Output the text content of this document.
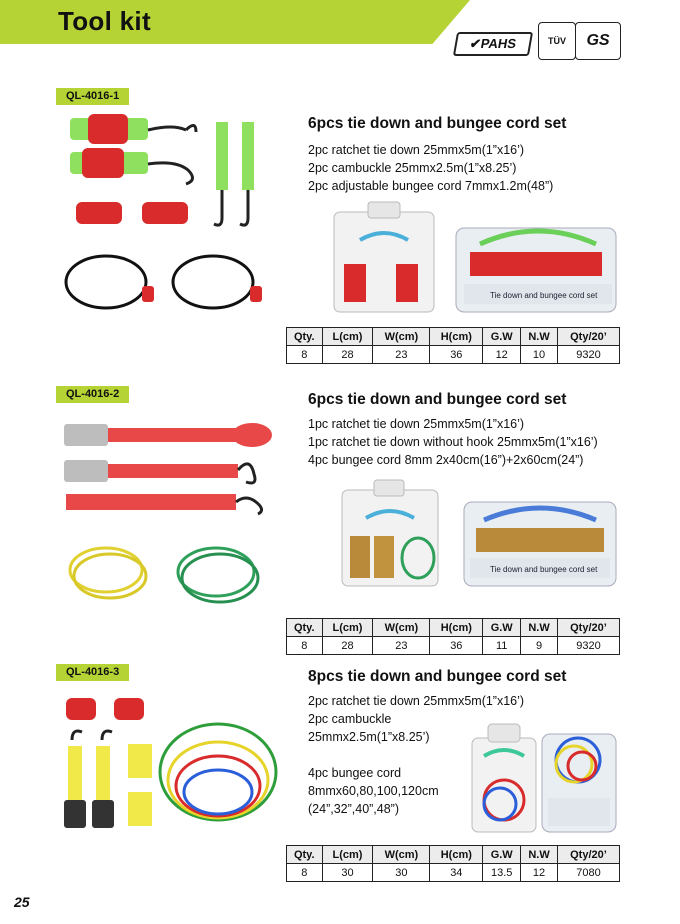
Tool kit
✔PAHS	TÜV	GS
QL-4016-1
6pcs tie down and bungee cord set
2pc ratchet tie down 25mmx5m(1”x16’)
2pc cambuckle 25mmx2.5m(1”x8.25’)
2pc adjustable bungee cord 7mmx1.2m(48”)
Tie down and bungee cord set
Qty.	L(cm)	W(cm)	H(cm)	G.W	N.W	Qty/20’
8	28	23	36	12	10	9320
QL-4016-2	6pcs tie down and bungee cord set
1pc ratchet tie down 25mmx5m(1”x16’)
1pc ratchet tie down without hook 25mmx5m(1”x16’)
4pc bungee cord 8mm 2x40cm(16”)+2x60cm(24”)
Tie down and bungee cord set
Qty.	L(cm)	W(cm)	H(cm)	G.W	N.W	Qty/20’
8	28	23	36	11	9	9320
QL-4016-3	8pcs tie down and bungee cord set
2pc ratchet tie down 25mmx5m(1”x16’)
2pc cambuckle
25mmx2.5m(1”x8.25’)
4pc bungee cord
8mmx60,80,100,120cm
(24”,32”,40”,48”)
Qty.	L(cm)	W(cm)	H(cm)	G.W	N.W	Qty/20’
8	30	30	34	13.5	12	7080
25
